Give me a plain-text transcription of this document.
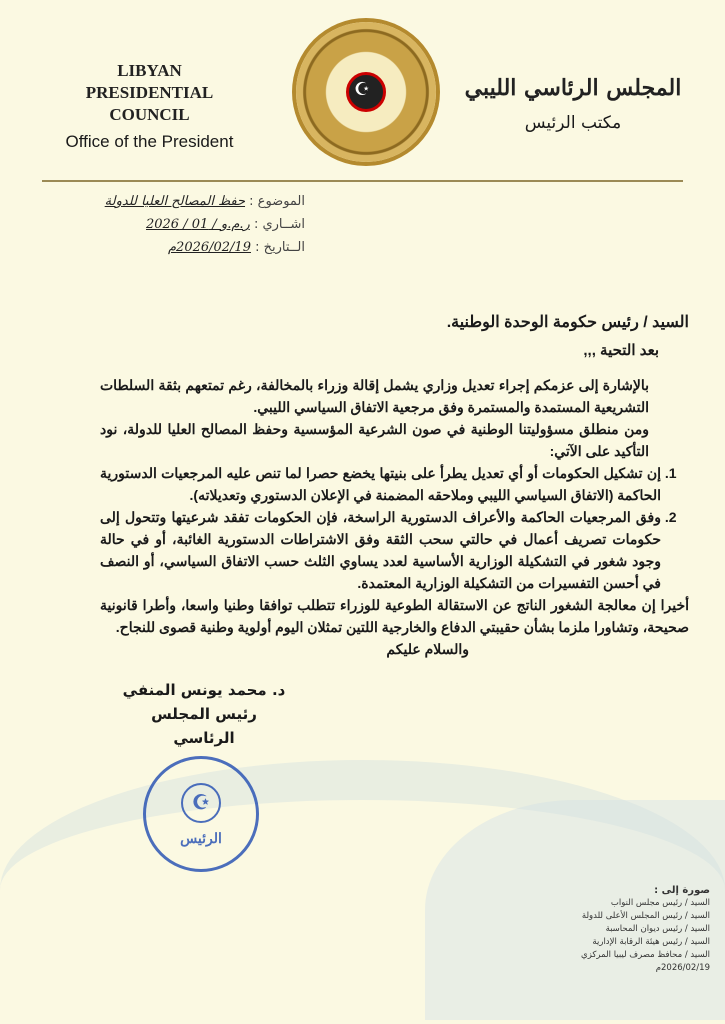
LIBYAN PRESIDENTIAL COUNCIL
Office of the President
☪	المجلس الرئاسي الليبي
مكتب الرئيس
الموضوع : حفظ المصالح العليا للدولة
اشــاري : ر.م.و / 01 / 2026
الــتاريخ : 2026/02/19م

السيد / رئيس حكومة الوحدة الوطنية.

بعد التحية ,,,

بالإشارة إلى عزمكم إجراء تعديل وزاري يشمل إقالة وزراء بالمخالفة، رغم تمتعهم بثقة السلطات التشريعية المستمدة والمستمرة وفق مرجعية الاتفاق السياسي الليبي.

ومن منطلق مسؤوليتنا الوطنية في صون الشرعية المؤسسية وحفظ المصالح العليا للدولة، نود التأكيد على الآتي:

1. إن تشكيل الحكومات أو أي تعديل يطرأ على بنيتها يخضع حصرا لما تنص عليه المرجعيات الدستورية الحاكمة (الاتفاق السياسي الليبي وملاحقه المضمنة في الإعلان الدستوري وتعديلاته).
2. وفق المرجعيات الحاكمة والأعراف الدستورية الراسخة، فإن الحكومات تفقد شرعيتها وتتحول إلى حكومات تصريف أعمال في حالتي سحب الثقة وفق الاشتراطات الدستورية الغائبة، أو في حالة وجود شغور في التشكيلة الوزارية الأساسية لعدد يساوي الثلث حسب الاتفاق السياسي، أو النصف في أحسن التفسيرات من التشكيلة الوزارية المعتمدة.

أخيرا إن معالجة الشغور الناتج عن الاستقالة الطوعية للوزراء تتطلب توافقا وطنيا واسعا، وأطرا قانونية صحيحة، وتشاورا ملزما بشأن حقيبتي الدفاع والخارجية اللتين تمثلان اليوم أولوية وطنية قصوى للنجاح.

والسلام عليكم

د. محمد يونس المنفي
رئيس المجلس الرئاسي
☪
الرئيس
صورة إلى :
السيد / رئيس مجلس النواب
السيد / رئيس المجلس الأعلى للدولة
السيد / رئيس ديوان المحاسبة
السيد / رئيس هيئة الرقابة الإدارية
السيد / محافظ مصرف ليبيا المركزي
2026/02/19م
